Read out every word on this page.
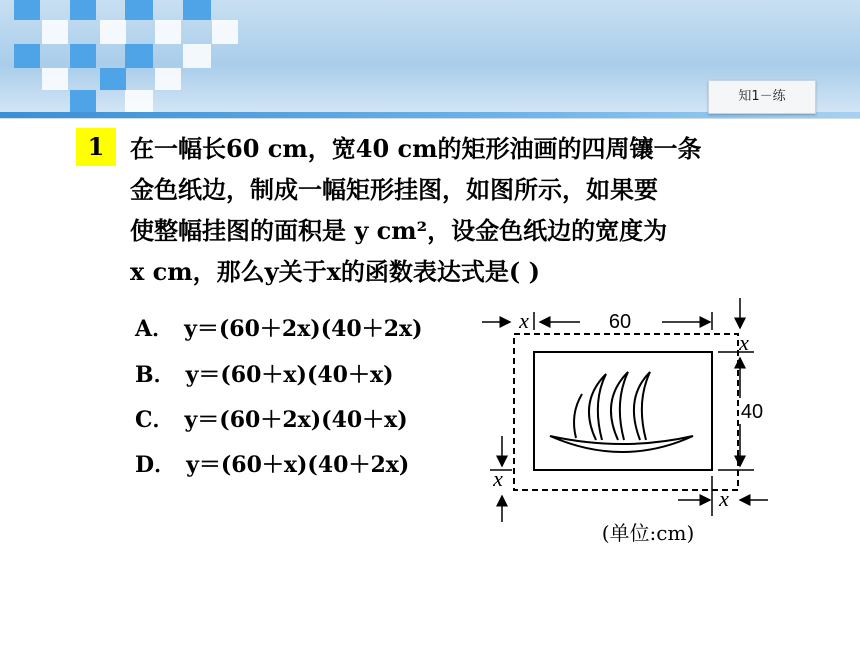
知1－练
1	在一幅长60 cm，宽40 cm的矩形油画的四周镶一条

金色纸边，制成一幅矩形挂图，如图所示，如果要

使整幅挂图的面积是 y cm²，设金色纸边的宽度为

x cm，那么y关于x的函数表达式是( )

A． y＝(60＋2x)(40＋2x)
B． y＝(60＋x)(40＋x)
C． y＝(60＋2x)(40＋x)
D． y＝(60＋x)(40＋2x)
60
x
x
40
x
x
(单位:cm)
